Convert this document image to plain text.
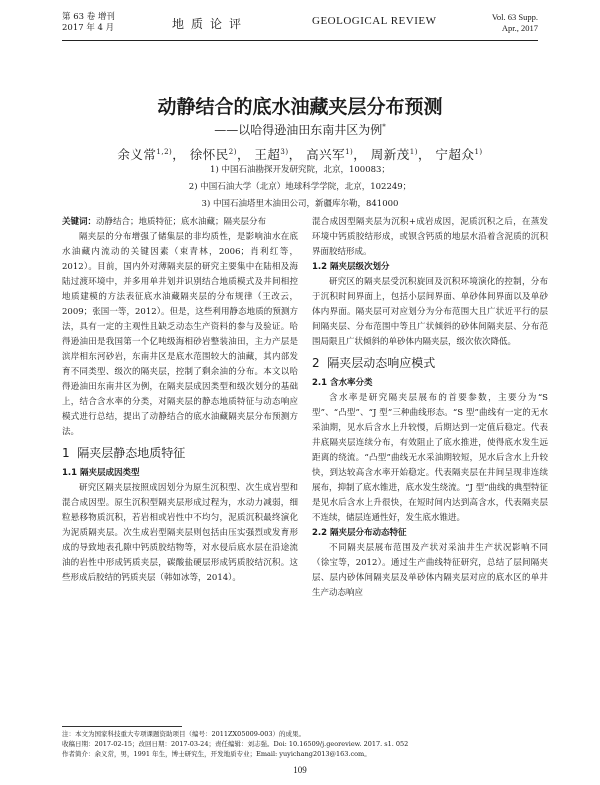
第 63 卷 增刊
2017 年 4 月	地质论评	GEOLOGICAL REVIEW	Vol. 63 Supp.
Apr., 2017
动静结合的底水油藏夹层分布预测
——以哈得逊油田东南井区为例*
余义常$^{1,2)}$， 徐怀民$^{2)}$， 王超$^{3)}$， 高兴军$^{1)}$， 周新茂$^{1)}$， 宁超众$^{1)}$
1) 中国石油勘探开发研究院，北京，100083；
2) 中国石油大学（北京）地球科学学院，北京，102249；
3) 中国石油塔里木油田公司，新疆库尔勒，841000

关键词：动静结合；地质特征；底水油藏；隔夹层分布

隔夹层的分布增强了储集层的非均质性，是影响油水在底水油藏内流动的关键因素（束青林，2006；肖利红等，2012）。目前，国内外对薄隔夹层的研究主要集中在陆相及海陆过渡环境中，并多用单井划并识别结合地质模式及井间相控地质建模的方法表征底水油藏隔夹层的分布规律（王改云，2009；张国一等，2012）。但是，这些利用静态地质的预测方法，具有一定的主观性且缺乏动态生产资料的参与及验证。哈得逊油田是我国第一个亿吨级海相砂岩整装油田，主力产层是滨岸相东河砂岩，东南井区是底水范围较大的油藏，其内部发育不同类型、级次的隔夹层，控制了剩余油的分布。本文以哈得逊油田东南井区为例，在隔夹层成因类型和级次划分的基础上，结合含水率的分类，对隔夹层的静态地质特征与动态响应模式进行总结，提出了动静结合的底水油藏隔夹层分布预测方法。

1 隔夹层静态地质特征
1.1 隔夹层成因类型

研究区隔夹层按照成因划分为原生沉积型、次生成岩型和混合成因型。原生沉积型隔夹层形成过程为，水动力减弱，细粒悬移物质沉积，若岩相或岩性中不均匀，泥质沉积最终演化为泥质隔夹层。次生成岩型隔夹层则包括由压实强烈或发育形成的导致地表孔隙中钙质胶结物等，对水侵后底水层在沿途流油的岩性中形成钙质夹层，碳酸盐硬层形成钙质胶结沉积。这些形成后胶结的钙质夹层（韩如冰等，2014）。

混合成因型隔夹层为沉积+成岩成因，泥质沉积之后，在蒸发环境中钙质胶结形成，或钡含钙质的地层水沿着含泥质的沉积界面胶结形成。

1.2 隔夹层级次划分

研究区的隔夹层受沉积旋回及沉积环境演化的控制，分布于沉积时间界面上，包括小层间界面、单砂体间界面以及单砂体内界面。隔夹层可对应划分为分布范围大且广状近平行的层间隔夹层、分布范围中等且广状倾斜的砂体间隔夹层、分布范围局限且广状倾斜的单砂体内隔夹层，级次依次降低。

2 隔夹层动态响应模式
2.1 含水率分类

含水率是研究隔夹层展布的首要参数，主要分为“S 型”、“凸型”、“J 型”三种曲线形态。“S 型”曲线有一定的无水采油期，见水后含水上升较慢，后期达到一定值后稳定。代表井底隔夹层连续分布，有效阻止了底水推进，使得底水发生远距离的绕流。“凸型”曲线无水采油期较短，见水后含水上升较快，到达较高含水率开始稳定。代表隔夹层在井间呈现非连续展布，抑制了底水锥进，底水发生绕流。“J 型”曲线的典型特征是见水后含水上升很快，在短时间内达到高含水，代表隔夹层不连续，储层连通性好，发生底水锥进。

2.2 隔夹层分布动态特征

不同隔夹层展布范围及产状对采油井生产状况影响不同（徐宝等，2012）。通过生产曲线特征研究，总结了层间隔夹层、层内砂体间隔夹层及单砂体内隔夹层对应的底水区的单井生产动态响应

注：本文为国家科技重大专项课题资助项目（编号：2011ZX05009-003）的成果。
收稿日期：2017-02-15；改回日期：2017-03-24；责任编辑：刘志强。Doi: 10.16509/j.georeview. 2017. s1. 052
作者简介：余义常，男，1991 年生，博士研究生，开发地质专业；Email: yuyichang2013@163.com。
109
